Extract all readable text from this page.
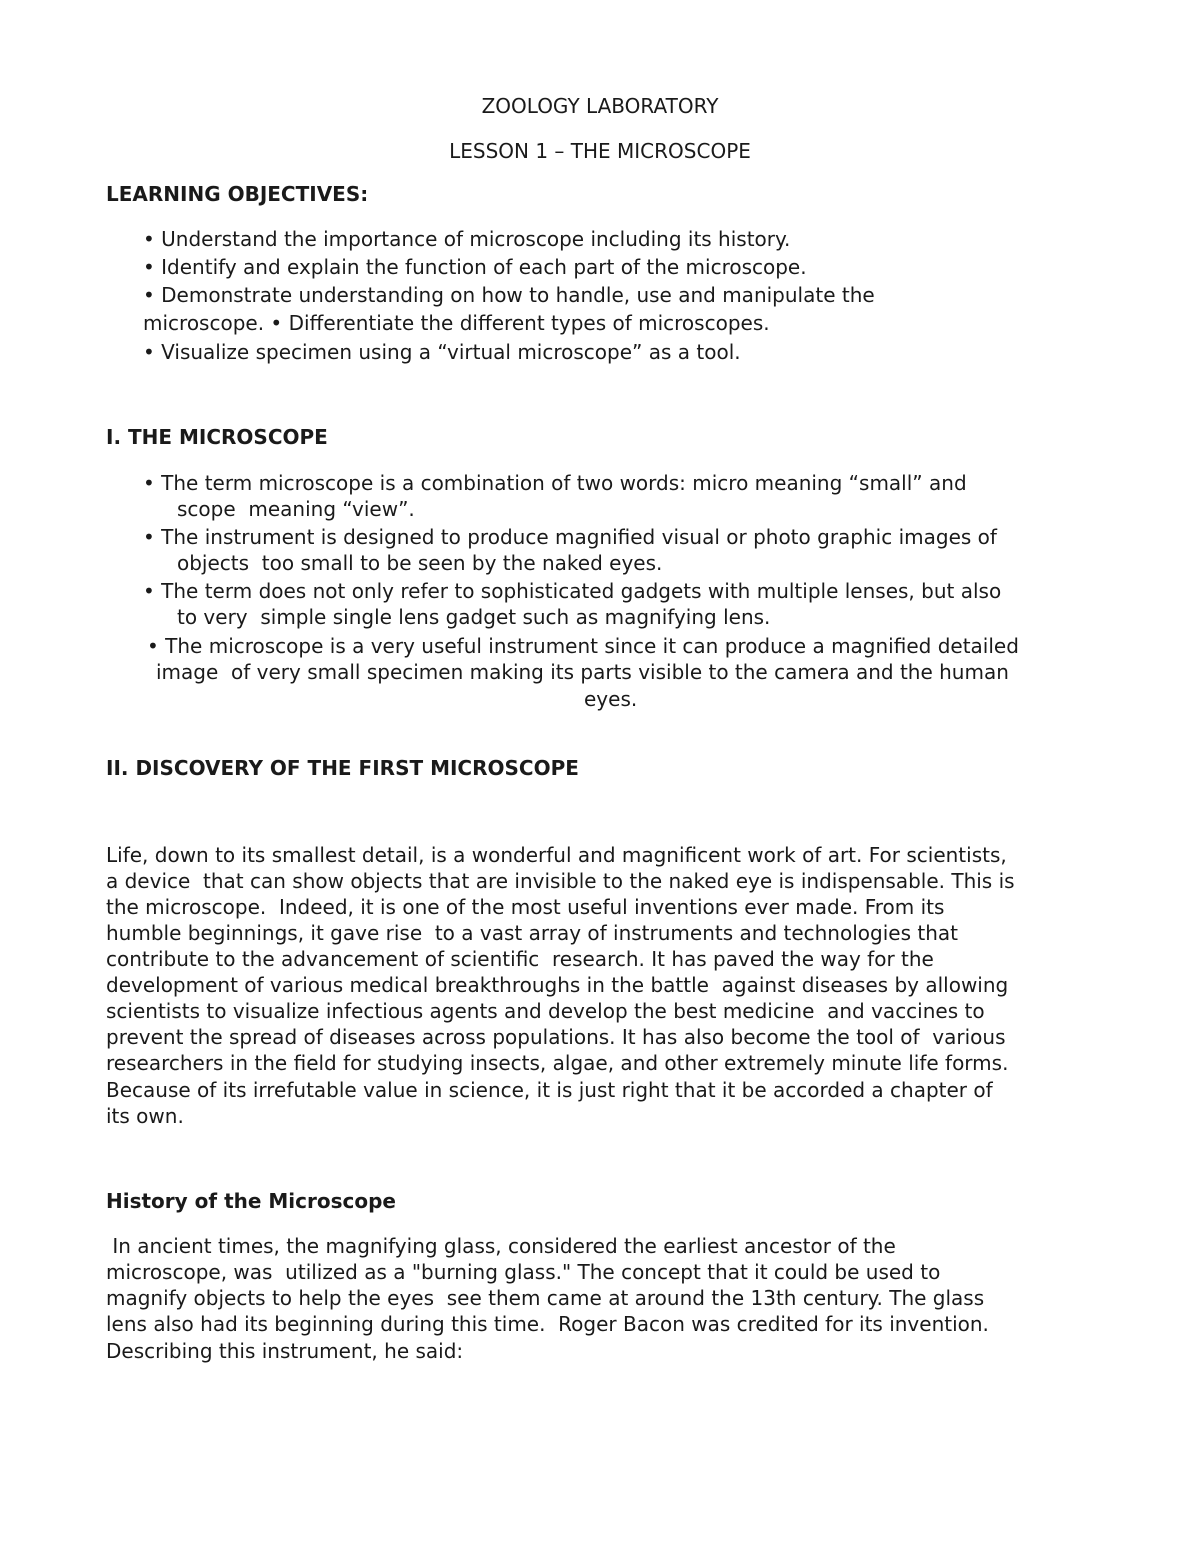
ZOOLOGY LABORATORY
LESSON 1 – THE MICROSCOPE
LEARNING OBJECTIVES:
• Understand the importance of microscope including its history.
• Identify and explain the function of each part of the microscope.
• Demonstrate understanding on how to handle, use and manipulate the
microscope. • Differentiate the different types of microscopes.
• Visualize specimen using a “virtual microscope” as a tool.
I. THE MICROSCOPE
• The term microscope is a combination of two words: micro meaning “small” and
scope  meaning “view”.
• The instrument is designed to produce magnified visual or photo graphic images of
objects  too small to be seen by the naked eyes.
• The term does not only refer to sophisticated gadgets with multiple lenses, but also
to very  simple single lens gadget such as magnifying lens.
• The microscope is a very useful instrument since it can produce a magnified detailed
image  of very small specimen making its parts visible to the camera and the human
eyes.
II. DISCOVERY OF THE FIRST MICROSCOPE
Life, down to its smallest detail, is a wonderful and magnificent work of art. For scientists,
a device  that can show objects that are invisible to the naked eye is indispensable. This is
the microscope.  Indeed, it is one of the most useful inventions ever made. From its
humble beginnings, it gave rise  to a vast array of instruments and technologies that
contribute to the advancement of scientific  research. It has paved the way for the
development of various medical breakthroughs in the battle  against diseases by allowing
scientists to visualize infectious agents and develop the best medicine  and vaccines to
prevent the spread of diseases across populations. It has also become the tool of  various
researchers in the field for studying insects, algae, and other extremely minute life forms.
Because of its irrefutable value in science, it is just right that it be accorded a chapter of
its own.
History of the Microscope
In ancient times, the magnifying glass, considered the earliest ancestor of the
microscope, was  utilized as a "burning glass." The concept that it could be used to
magnify objects to help the eyes  see them came at around the 13th century. The glass
lens also had its beginning during this time.  Roger Bacon was credited for its invention.
Describing this instrument, he said:
